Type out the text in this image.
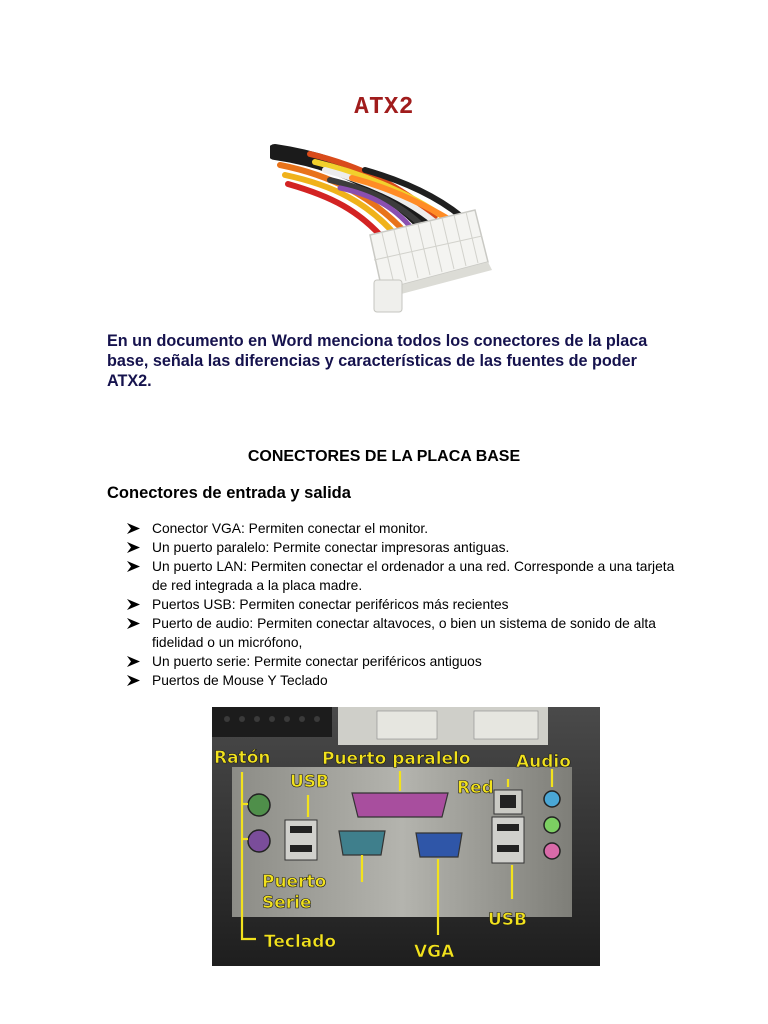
ATX2
En un documento en Word menciona todos los conectores de la placa base, señala las diferencias y características de las fuentes de poder ATX2.
CONECTORES DE LA PLACA BASE
Conectores de entrada y salida
Conector VGA: Permiten conectar el monitor.
Un puerto paralelo: Permite conectar impresoras antiguas.
Un puerto LAN: Permiten conectar el ordenador a una red. Corresponde a una tarjeta de red integrada a la placa madre.
Puertos USB: Permiten conectar periféricos más recientes
Puerto de audio: Permiten conectar altavoces, o bien un sistema de sonido de alta fidelidad o un micrófono,
Un puerto serie: Permite conectar periféricos antiguos
Puertos de Mouse Y Teclado
Ratón	Puerto paralelo
USB
Audio
Red
Puerto
Serie
USB
Teclado	VGA
